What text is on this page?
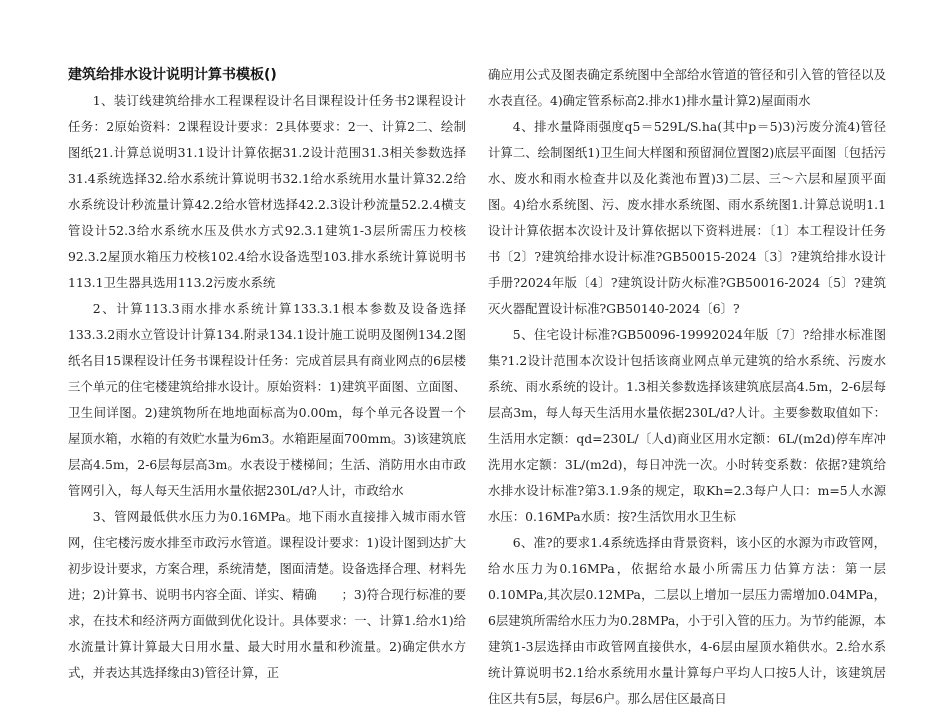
建筑给排水设计说明计算书模板()

1、装订线建筑给排水工程课程设计名目课程设计任务书2课程设计任务：2原始资料：2课程设计要求：2具体要求：2一、计算2二、绘制图纸21.计算总说明31.1设计计算依据31.2设计范围31.3相关参数选择31.4系统选择32.给水系统计算说明书32.1给水系统用水量计算32.2给水系统设计秒流量计算42.2给水管材选择42.2.3设计秒流量52.2.4横支管设计52.3给水系统水压及供水方式92.3.1建筑1-3层所需压力校核92.3.2屋顶水箱压力校核102.4给水设备选型103.排水系统计算说明书113.1卫生器具选用113.2污废水系统

2、计算113.3雨水排水系统计算133.3.1根本参数及设备选择133.3.2雨水立管设计计算134.附录134.1设计施工说明及图例134.2图纸名目15课程设计任务书课程设计任务：完成首层具有商业网点的6层楼三个单元的住宅楼建筑给排水设计。原始资料：1)建筑平面图、立面图、卫生间详图。2)建筑物所在地地面标高为0.00m，每个单元各设置一个屋顶水箱，水箱的有效贮水量为6m3。水箱距屋面700mm。3)该建筑底层高4.5m，2-6层每层高3m。水表设于楼梯间；生活、消防用水由市政管网引入，每人每天生活用水量依据230L/d?人计，市政给水

3、管网最低供水压力为0.16MPa。地下雨水直接排入城市雨水管网，住宅楼污废水排至市政污水管道。课程设计要求：1)设计图到达扩大初步设计要求，方案合理，系统清楚，图面清楚。设备选择合理、材料先进；2)计算书、说明书内容全面、详实、精确　　；3)符合现行标准的要求，在技术和经济两方面做到优化设计。具体要求：一、计算1.给水1)给水流量计算计算最大日用水量、最大时用水量和秒流量。2)确定供水方式，并表达其选择缘由3)管径计算，正

确应用公式及图表确定系统图中全部给水管道的管径和引入管的管径以及水表直径。4)确定管系标高2.排水1)排水量计算2)屋面雨水

4、排水量降雨强度q5＝529L/S.ha(其中p＝5)3)污废分流4)管径计算二、绘制图纸1)卫生间大样图和预留洞位置图2)底层平面图〔包括污水、废水和雨水检查井以及化粪池布置)3)二层、三～六层和屋顶平面图。4)给水系统图、污、废水排水系统图、雨水系统图1.计算总说明1.1设计计算依据本次设计及计算依据以下资料进展：〔1〕本工程设计任务书〔2〕?建筑给排水设计标准?GB50015-2024〔3〕?建筑给排水设计手册?2024年版〔4〕?建筑设计防火标准?GB50016-2024〔5〕?建筑灭火器配置设计标准?GB50140-2024〔6〕?

5、住宅设计标准?GB50096-19992024年版〔7〕?给排水标准图集?1.2设计范围本次设计包括该商业网点单元建筑的给水系统、污废水系统、雨水系统的设计。1.3相关参数选择该建筑底层高4.5m，2-6层每层高3m，每人每天生活用水量依据230L/d?人计。主要参数取值如下：生活用水定额：qd=230L/〔人d)商业区用水定额：6L/(m2d)停车库冲洗用水定额：3L/(m2d)，每日冲洗一次。小时转变系数：依据?建筑给水排水设计标准?第3.1.9条的规定，取Kh=2.3每户人口：m=5人水源水压：0.16MPa水质：按?生活饮用水卫生标

6、准?的要求1.4系统选择由背景资料，该小区的水源为市政管网，给水压力为0.16MPa，依据给水最小所需压力估算方法：第一层0.10MPa,其次层0.12MPa，二层以上增加一层压力需增加0.04MPa，6层建筑所需给水压力为0.28MPa，小于引入管的压力。为节约能源，本建筑1-3层选择由市政管网直接供水，4-6层由屋顶水箱供水。2.给水系统计算说明书2.1给水系统用水量计算每户平均人口按5人计，该建筑居住区共有5层，每层6户。那么居住区最高日
